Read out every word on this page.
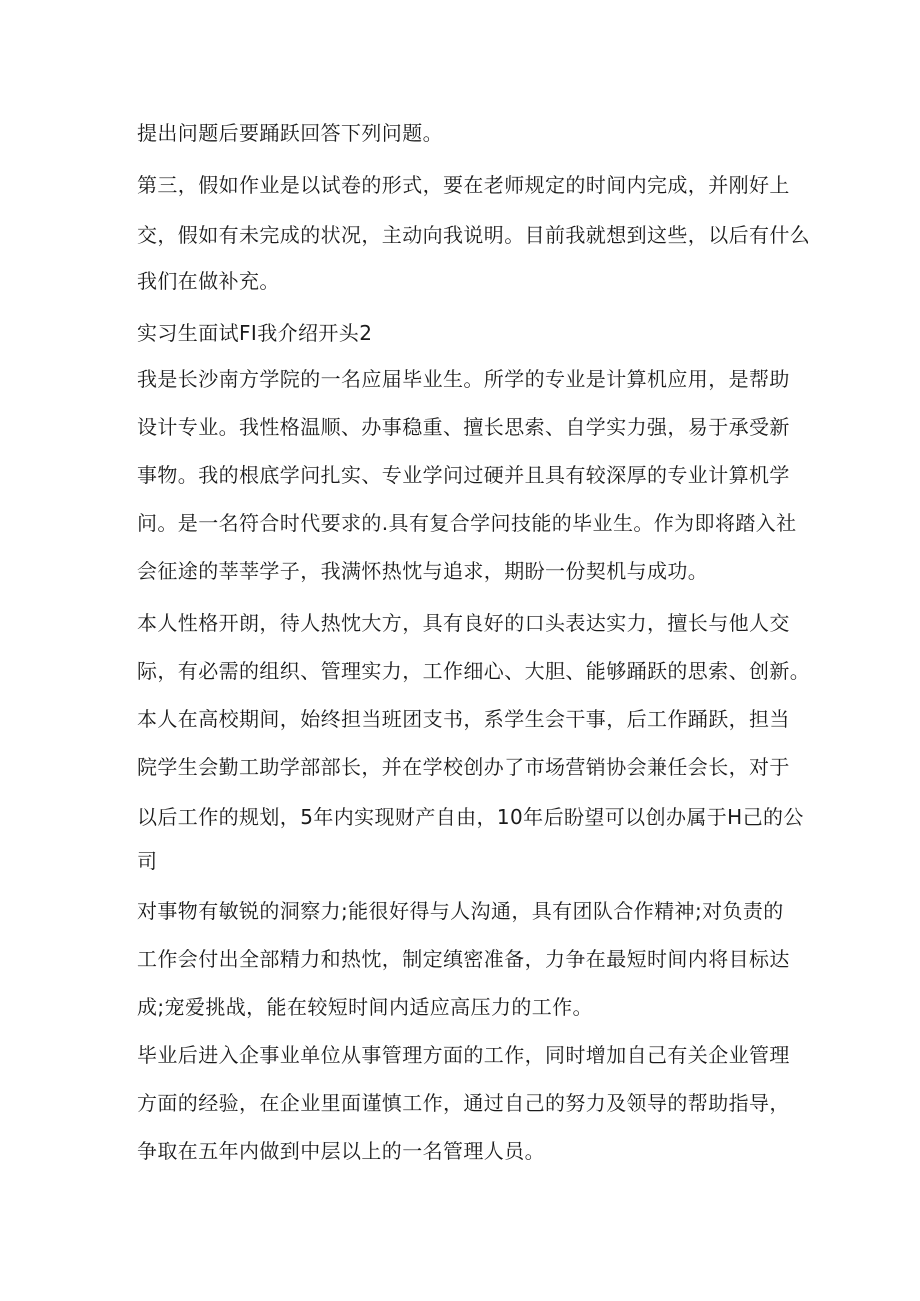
提出问题后要踊跃回答下列问题。
第三，假如作业是以试卷的形式，要在老师规定的时间内完成，并刚好上
交，假如有未完成的状况，主动向我说明。目前我就想到这些，以后有什么
我们在做补充。
实习生面试FI我介绍开头2
我是长沙南方学院的一名应届毕业生。所学的专业是计算机应用，是帮助
设计专业。我性格温顺、办事稳重、擅长思索、自学实力强，易于承受新
事物。我的根底学问扎实、专业学问过硬并且具有较深厚的专业计算机学
问。是一名符合时代要求的.具有复合学问技能的毕业生。作为即将踏入社
会征途的莘莘学子，我满怀热忱与追求，期盼一份契机与成功。
本人性格开朗，待人热忱大方，具有良好的口头表达实力，擅长与他人交
际，有必需的组织、管理实力，工作细心、大胆、能够踊跃的思索、创新。
本人在高校期间，始终担当班团支书，系学生会干事，后工作踊跃，担当
院学生会勤工助学部部长，并在学校创办了市场营销协会兼任会长，对于
以后工作的规划，5年内实现财产自由，10年后盼望可以创办属于H己的公
司
对事物有敏锐的洞察力;能很好得与人沟通，具有团队合作精神;对负责的
工作会付出全部精力和热忱，制定缜密准备，力争在最短时间内将目标达
成;宠爱挑战，能在较短时间内适应高压力的工作。
毕业后进入企事业单位从事管理方面的工作，同时增加自己有关企业管理
方面的经验，在企业里面谨慎工作，通过自己的努力及领导的帮助指导，
争取在五年内做到中层以上的一名管理人员。
